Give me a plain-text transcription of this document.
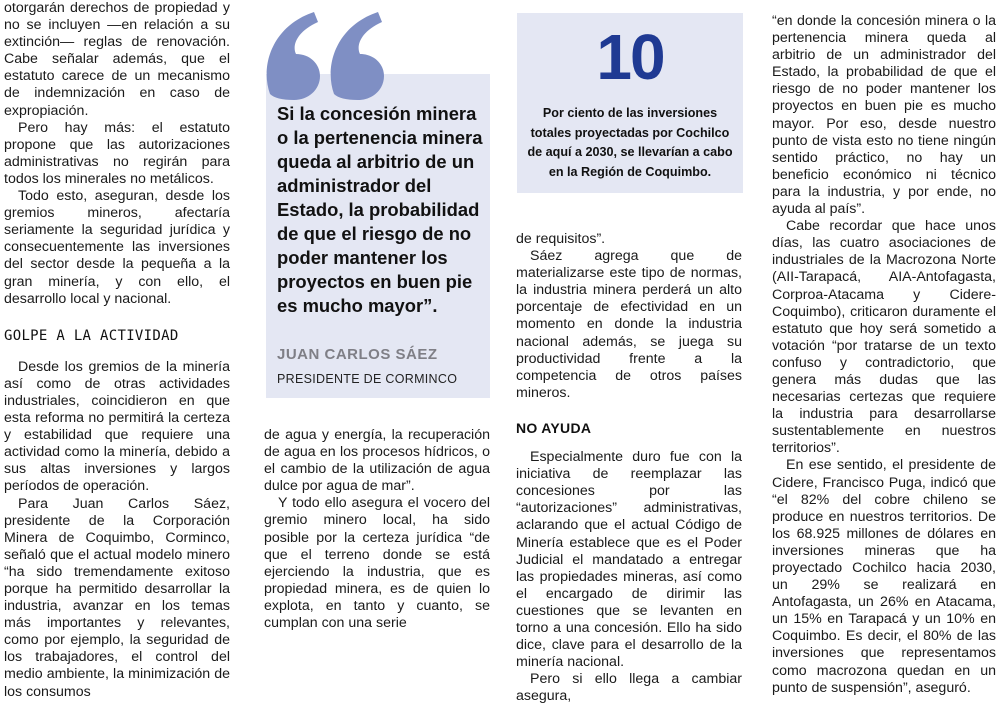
otorgarán derechos de propiedad y no se incluyen —en relación a su extinción— reglas de renovación. Cabe señalar además, que el estatuto carece de un mecanismo de indemnización en caso de expropiación.

Pero hay más: el estatuto propone que las autorizaciones administrativas no regirán para todos los minerales no metálicos.

Todo esto, aseguran, desde los gremios mineros, afectaría seriamente la seguridad jurídica y consecuentemente las inversiones del sector desde la pequeña a la gran minería, y con ello, el desarrollo local y nacional.

GOLPE A LA ACTIVIDAD

Desde los gremios de la minería así como de otras actividades industriales, coincidieron en que esta reforma no permitirá la certeza y estabilidad que requiere una actividad como la minería, debido a sus altas inversiones y largos períodos de operación.

Para Juan Carlos Sáez, presidente de la Corporación Minera de Coquimbo, Corminco, señaló que el actual modelo minero “ha sido tremendamente exitoso porque ha permitido desarrollar la industria, avanzar en los temas más importantes y relevantes, como por ejemplo, la seguridad de los trabajadores, el control del medio ambiente, la minimización de los consumos

Si la concesión minera o la pertenencia minera queda al arbitrio de un administrador del Estado, la probabilidad de que el riesgo de no poder mantener los proyectos en buen pie es mucho mayor”.

JUAN CARLOS SÁEZ
PRESIDENTE DE CORMINCO

de agua y energía, la recuperación de agua en los procesos hídricos, o el cambio de la utilización de agua dulce por agua de mar”.

Y todo ello asegura el vocero del gremio minero local, ha sido posible por la certeza jurídica “de que el terreno donde se está ejerciendo la industria, que es propiedad minera, es de quien lo explota, en tanto y cuanto, se cumplan con una serie

10
Por ciento de las inversiones totales proyectadas por Cochilco de aquí a 2030, se llevarían a cabo en la Región de Coquimbo.

de requisitos”.

Sáez agrega que de materializarse este tipo de normas, la industria minera perderá un alto porcentaje de efectividad en un momento en donde la industria nacional además, se juega su productividad frente a la competencia de otros países mineros.

NO AYUDA

Especialmente duro fue con la iniciativa de reemplazar las concesiones por las “autorizaciones” administrativas, aclarando que el actual Código de Minería establece que es el Poder Judicial el mandatado a entregar las propiedades mineras, así como el encargado de dirimir las cuestiones que se levanten en torno a una concesión. Ello ha sido dice, clave para el desarrollo de la minería nacional.

Pero si ello llega a cambiar asegura,

“en donde la concesión minera o la pertenencia minera queda al arbitrio de un administrador del Estado, la probabilidad de que el riesgo de no poder mantener los proyectos en buen pie es mucho mayor. Por eso, desde nuestro punto de vista esto no tiene ningún sentido práctico, no hay un beneficio económico ni técnico para la industria, y por ende, no ayuda al país”.

Cabe recordar que hace unos días, las cuatro asociaciones de industriales de la Macrozona Norte (AII-Tarapacá, AIA-Antofagasta, Corproa-Atacama y Cidere-Coquimbo), criticaron duramente el estatuto que hoy será sometido a votación “por tratarse de un texto confuso y contradictorio, que genera más dudas que las necesarias certezas que requiere la industria para desarrollarse sustentablemente en nuestros territorios”.

En ese sentido, el presidente de Cidere, Francisco Puga, indicó que “el 82% del cobre chileno se produce en nuestros territorios. De los 68.925 millones de dólares en inversiones mineras que ha proyectado Cochilco hacia 2030, un 29% se realizará en Antofagasta, un 26% en Atacama, un 15% en Tarapacá y un 10% en Coquimbo. Es decir, el 80% de las inversiones que representamos como macrozona quedan en un punto de suspensión”, aseguró.
